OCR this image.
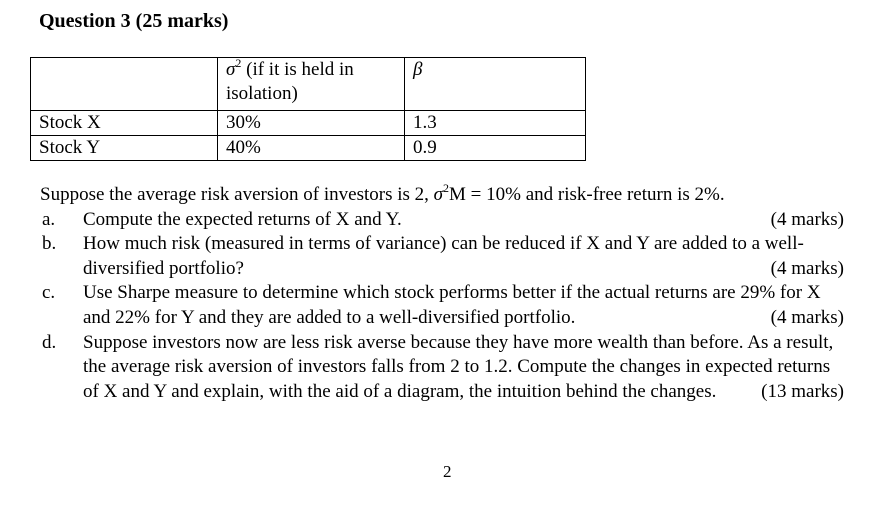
Question 3 (25 marks)
	$\sigma^2$ (if it is held in isolation)	β
Stock X	30%	1.3
Stock Y	40%	0.9

Suppose the average risk aversion of investors is 2, $\sigma^2M = 10\%$ and risk-free return is 2%.

a.	Compute the expected returns of X and Y.	(4 marks)
b.	How much risk (measured in terms of variance) can be reduced if X and Y are added to a well-diversified portfolio?	(4 marks)
c.	Use Sharpe measure to determine which stock performs better if the actual returns are 29% for X and 22% for Y and they are added to a well-diversified portfolio.	(4 marks)
d.	Suppose investors now are less risk averse because they have more wealth than before. As a result, the average risk aversion of investors falls from 2 to 1.2. Compute the changes in expected returns of X and Y and explain, with the aid of a diagram, the intuition behind the changes. (13 marks)
2
